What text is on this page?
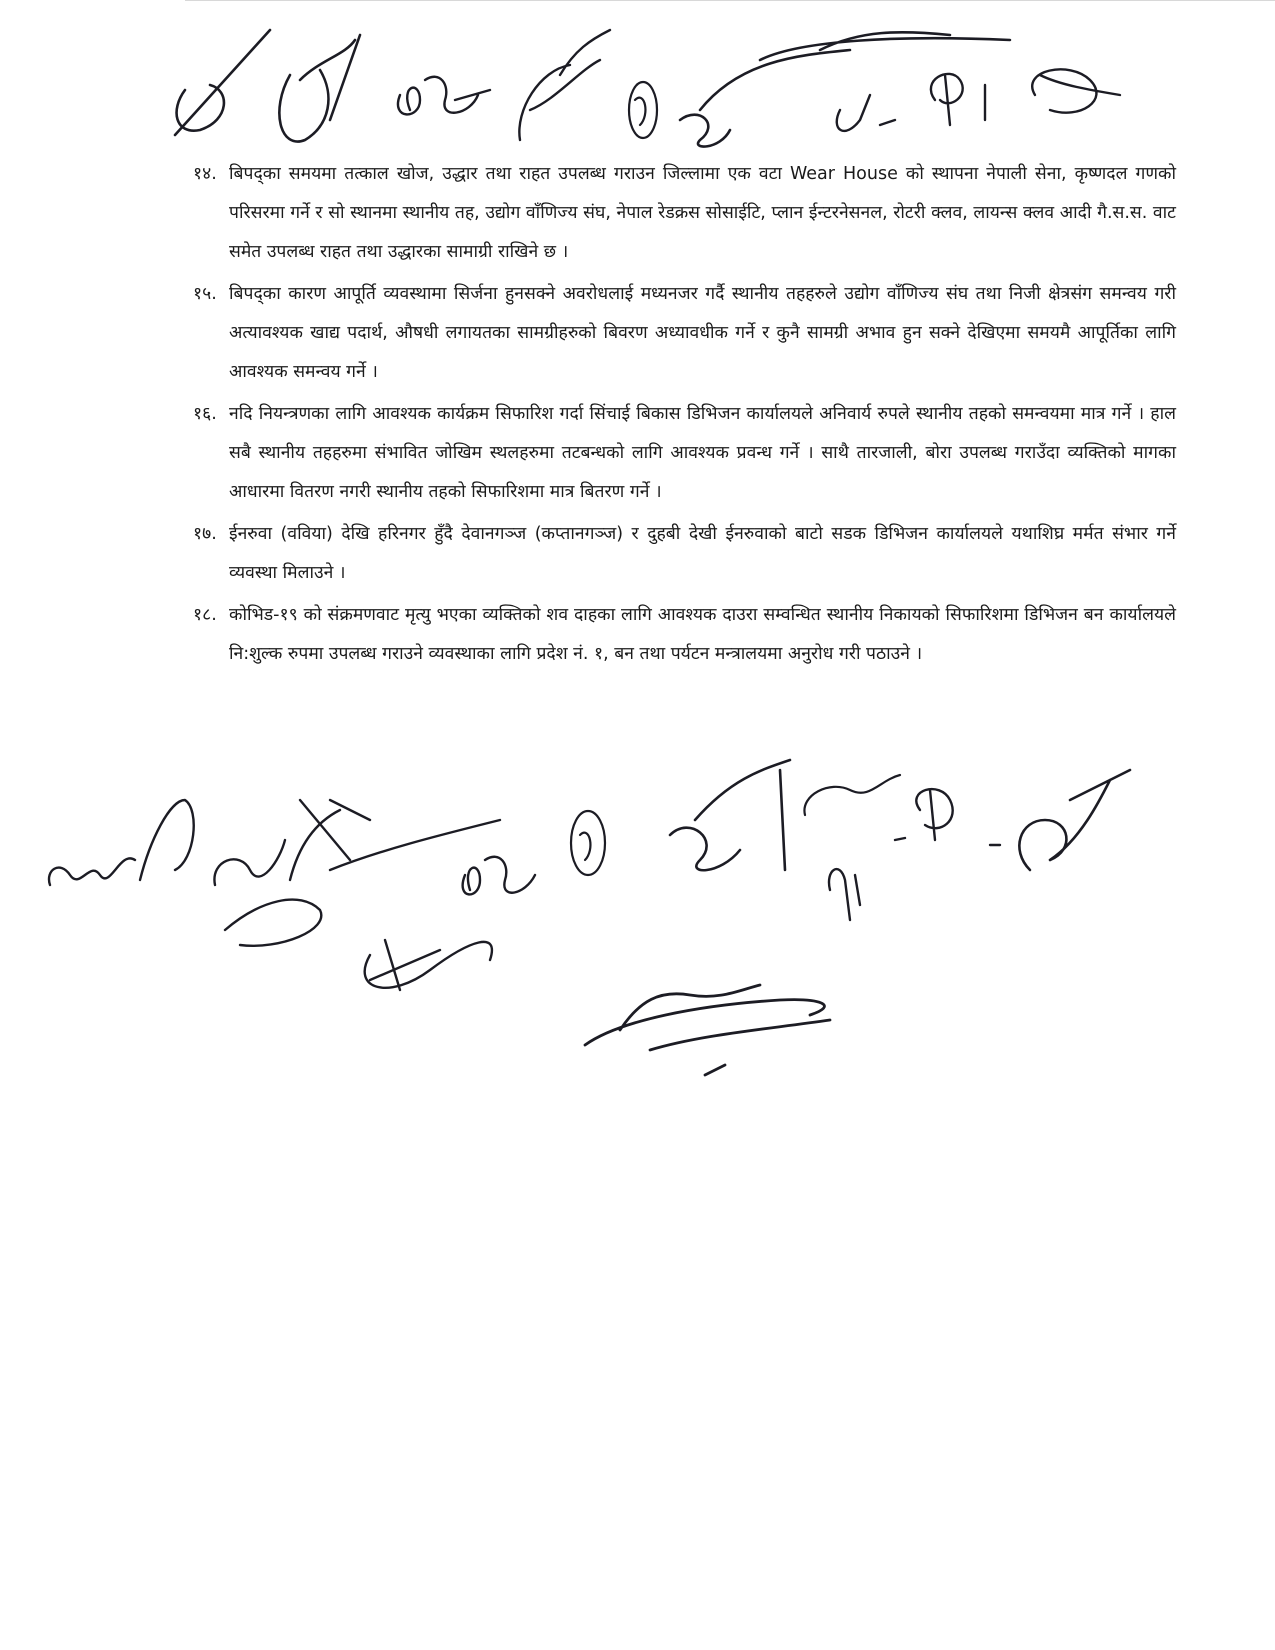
१४. बिपद्का समयमा तत्काल खोज, उद्धार तथा राहत उपलब्ध गराउन जिल्लामा एक वटा Wear House को स्थापना नेपाली सेना, कृष्णदल गणको परिसरमा गर्ने र सो स्थानमा स्थानीय तह, उद्योग वाँणिज्य संघ, नेपाल रेडक्रस सोसाईटि, प्लान ईन्टरनेसनल, रोटरी क्लव, लायन्स क्लव आदी गै.स.स. वाट समेत उपलब्ध राहत तथा उद्धारका सामाग्री राखिने छ ।
१५. बिपद्का कारण आपूर्ति व्यवस्थामा सिर्जना हुनसक्ने अवरोधलाई मध्यनजर गर्दै स्थानीय तहहरुले उद्योग वाँणिज्य संघ तथा निजी क्षेत्रसंग समन्वय गरी अत्यावश्यक खाद्य पदार्थ, औषधी लगायतका सामग्रीहरुको बिवरण अध्यावधीक गर्ने र कुनै सामग्री अभाव हुन सक्ने देखिएमा समयमै आपूर्तिका लागि आवश्यक समन्वय गर्ने ।
१६. नदि नियन्त्रणका लागि आवश्यक कार्यक्रम सिफारिश गर्दा सिंचाई बिकास डिभिजन कार्यालयले अनिवार्य रुपले स्थानीय तहको समन्वयमा मात्र गर्ने । हाल सबै स्थानीय तहहरुमा संभावित जोखिम स्थलहरुमा तटबन्धको लागि आवश्यक प्रवन्ध गर्ने । साथै तारजाली, बोरा उपलब्ध गराउँदा व्यक्तिको मागका आधारमा वितरण नगरी स्थानीय तहको सिफारिशमा मात्र बितरण गर्ने ।
१७. ईनरुवा (वविया) देखि हरिनगर हुँदै देवानगञ्ज (कप्तानगञ्ज) र दुहबी देखी ईनरुवाको बाटो सडक डिभिजन कार्यालयले यथाशिघ्र मर्मत संभार गर्ने व्यवस्था मिलाउने ।
१८. कोभिड-१९ को संक्रमणवाट मृत्यु भएका व्यक्तिको शव दाहका लागि आवश्यक दाउरा सम्वन्धित स्थानीय निकायको सिफारिशमा डिभिजन बन कार्यालयले नि:शुल्क रुपमा उपलब्ध गराउने व्यवस्थाका लागि प्रदेश नं. १, बन तथा पर्यटन मन्त्रालयमा अनुरोध गरी पठाउने ।
